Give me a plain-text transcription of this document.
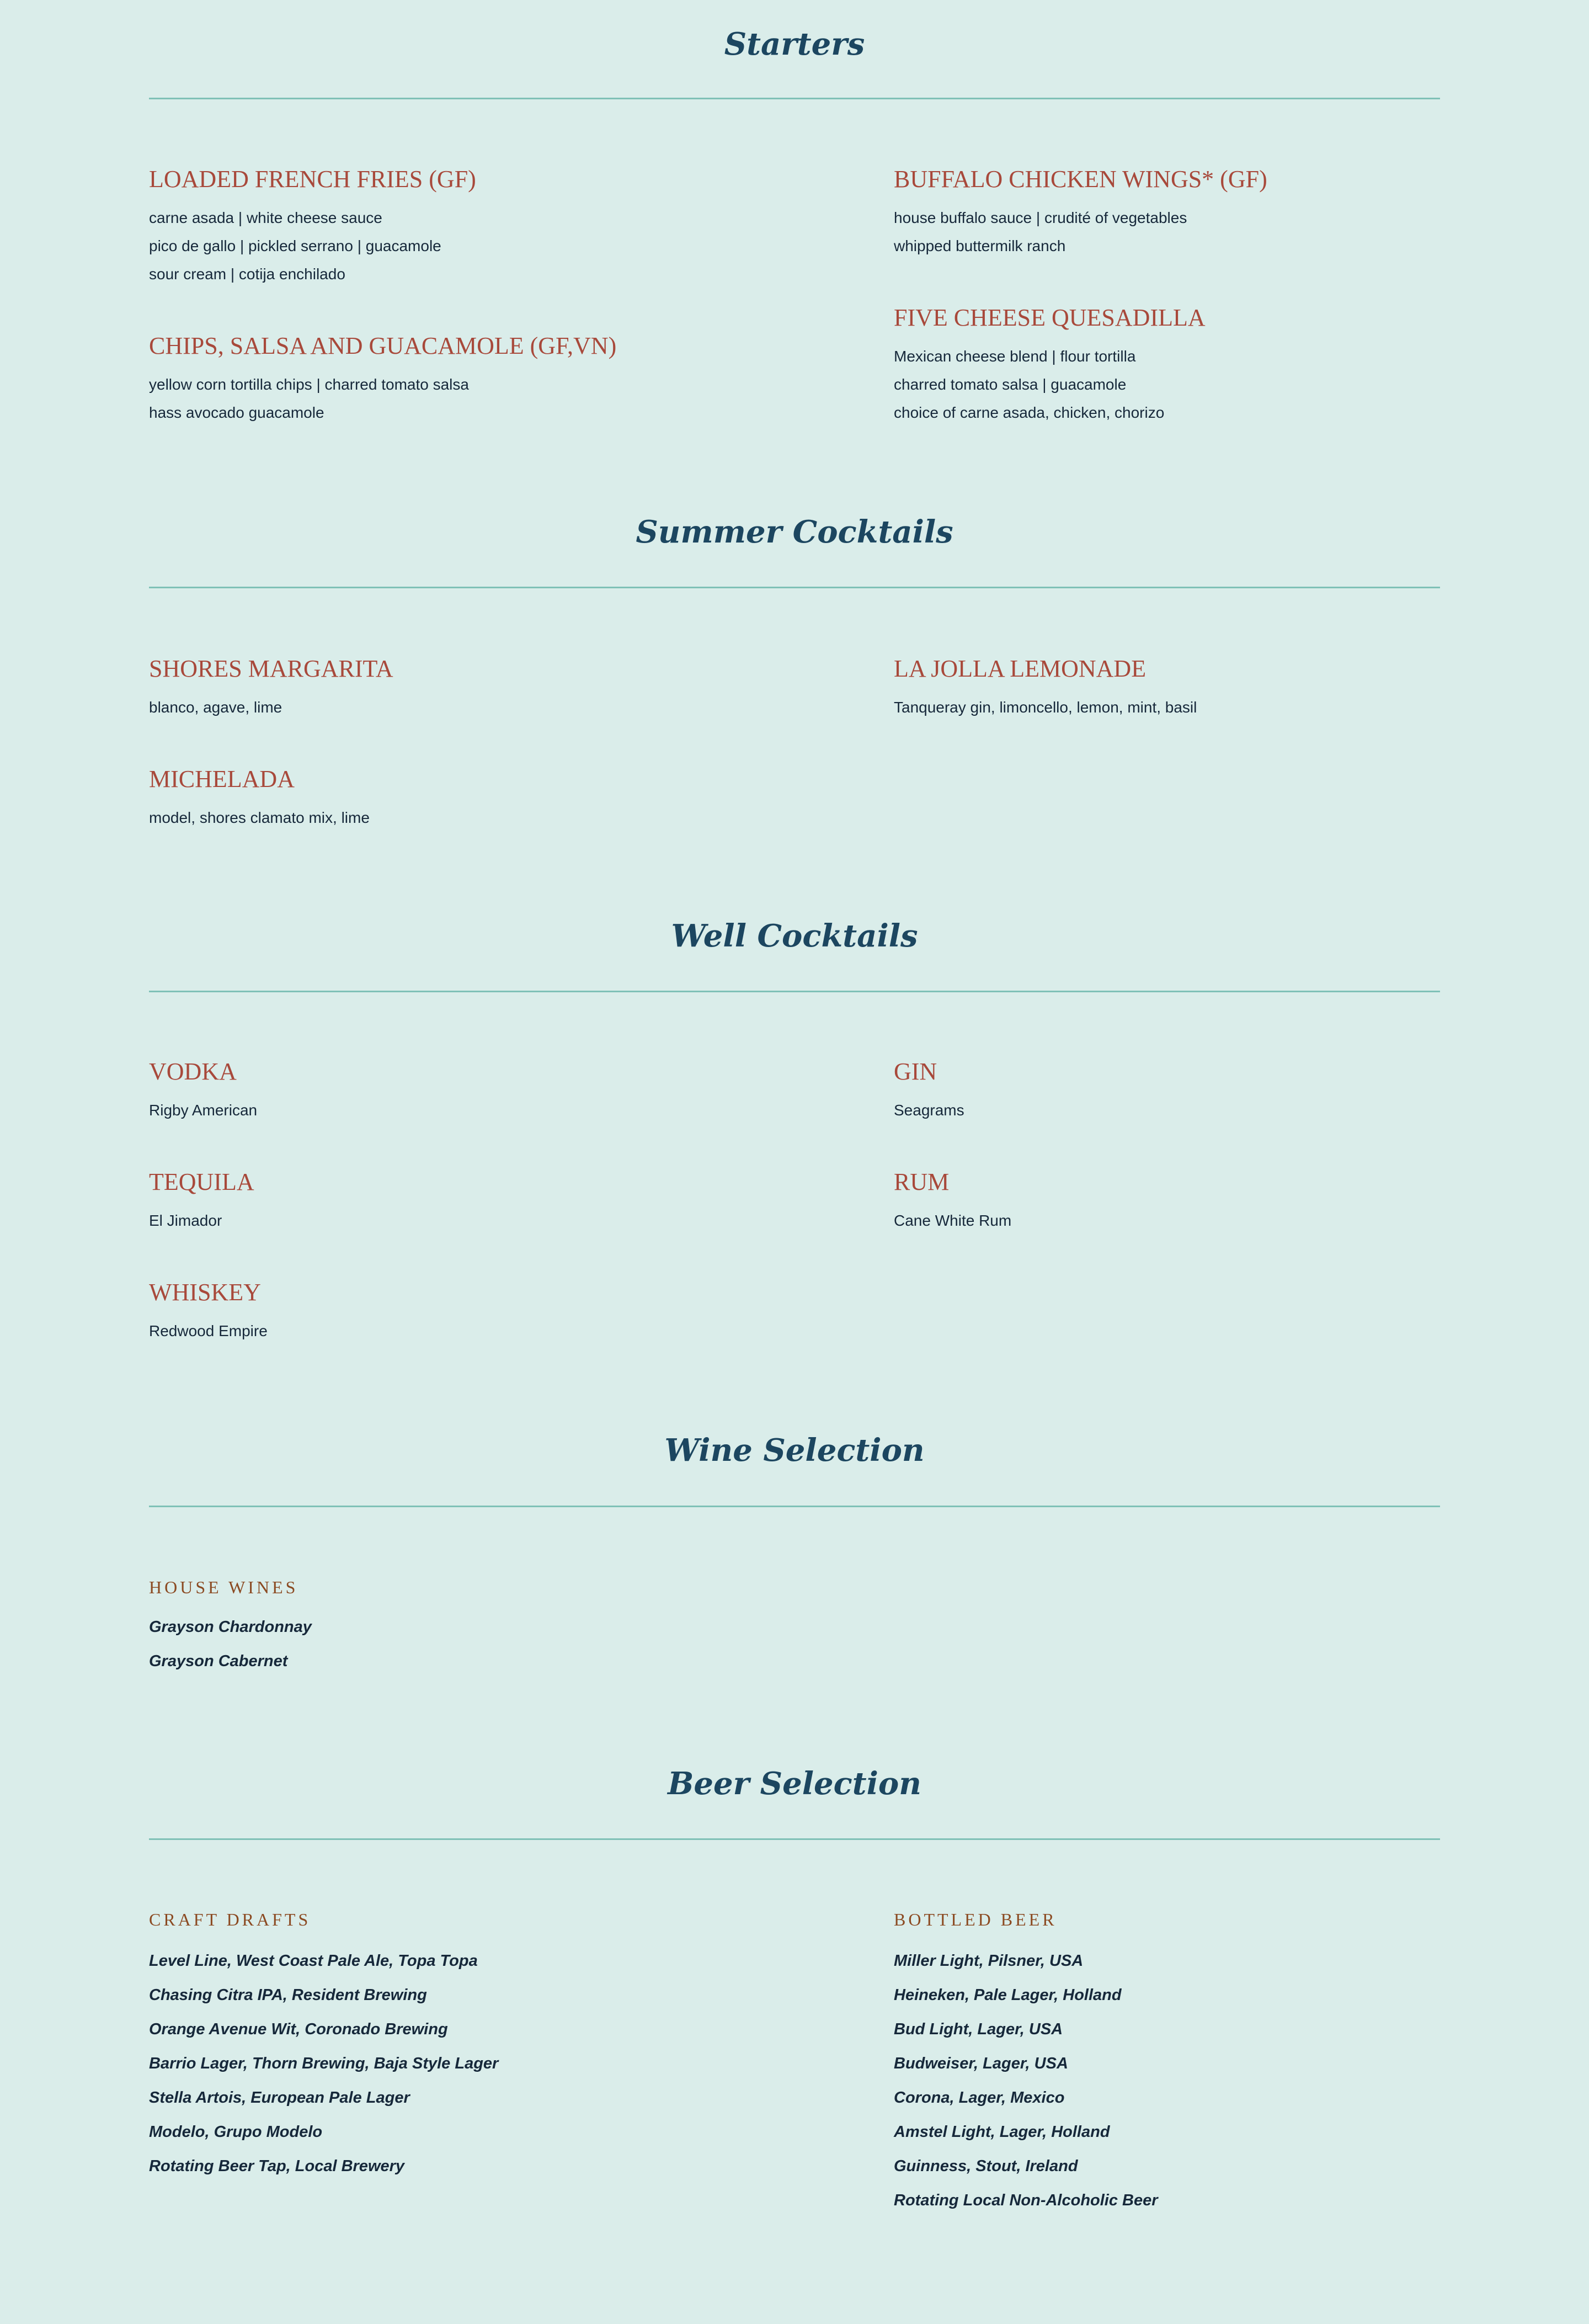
Starters
LOADED FRENCH FRIES (GF)
carne asada | white cheese sauce
pico de gallo | pickled serrano | guacamole
sour cream | cotija enchilado
BUFFALO CHICKEN WINGS* (GF)
house buffalo sauce | crudité of vegetables
whipped buttermilk ranch
CHIPS, SALSA AND GUACAMOLE (GF,VN)
yellow corn tortilla chips | charred tomato salsa
hass avocado guacamole
FIVE CHEESE QUESADILLA
Mexican cheese blend | flour tortilla
charred tomato salsa | guacamole
choice of carne asada, chicken, chorizo
Summer Cocktails
SHORES MARGARITA
blanco, agave, lime
LA JOLLA LEMONADE
Tanqueray gin, limoncello, lemon, mint, basil
MICHELADA
model, shores clamato mix, lime
Well Cocktails
VODKA
Rigby American
GIN
Seagrams
TEQUILA
El Jimador
RUM
Cane White Rum
WHISKEY
Redwood Empire
Wine Selection
HOUSE WINES
Grayson Chardonnay
Grayson Cabernet
Beer Selection
CRAFT DRAFTS
Level Line, West Coast Pale Ale, Topa Topa
Chasing Citra IPA, Resident Brewing
Orange Avenue Wit, Coronado Brewing
Barrio Lager, Thorn Brewing, Baja Style Lager
Stella Artois, European Pale Lager
Modelo, Grupo Modelo
Rotating Beer Tap, Local Brewery
BOTTLED BEER
Miller Light, Pilsner, USA
Heineken, Pale Lager, Holland
Bud Light, Lager, USA
Budweiser, Lager, USA
Corona, Lager, Mexico
Amstel Light, Lager, Holland
Guinness, Stout, Ireland
Rotating Local Non-Alcoholic Beer
